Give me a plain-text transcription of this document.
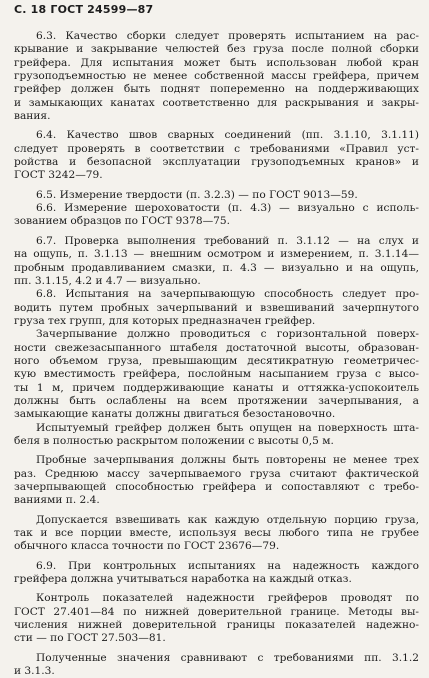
С. 18 ГОСТ 24599—87
6.3. Качество сборки следует проверять испытанием на рас-
крывание и закрывание челюстей без груза после полной сборки
грейфера. Для испытания может быть использован любой кран
грузоподъемностью не менее собственной массы грейфера, причем
грейфер должен быть поднят попеременно на поддерживающих
и замыкающих канатах соответственно для раскрывания и закры-
вания.
6.4. Качество швов сварных соединений (пп. 3.1.10, 3.1.11)
следует проверять в соответствии с требованиями «Правил уст-
ройства и безопасной эксплуатации грузоподъемных кранов» и
ГОСТ 3242—79.
6.5. Измерение твердости (п. 3.2.3) — по ГОСТ 9013—59.
6.6. Измерение шероховатости (п. 4.3) — визуально с исполь-
зованием образцов по ГОСТ 9378—75.
6.7. Проверка выполнения требований п. 3.1.12 — на слух и
на ощупь, п. 3.1.13 — внешним осмотром и измерением, п. 3.1.14—
пробным продавливанием смазки, п. 4.3 — визуально и на ощупь,
пп. 3.1.15, 4.2 и 4.7 — визуально.
6.8. Испытания на зачерпывающую способность следует про-
водить путем пробных зачерпываний и взвешиваний зачерпнутого
груза тех групп, для которых предназначен грейфер.
Зачерпывание должно проводиться с горизонтальной поверх-
ности свежезасыпанного штабеля достаточной высоты, образован-
ного объемом груза, превышающим десятикратную геометричес-
кую вместимость грейфера, послойным насыпанием груза с высо-
ты 1 м, причем поддерживающие канаты и оттяжка-успокоитель
должны быть ослаблены на всем протяжении зачерпывания, а
замыкающие канаты должны двигаться безостановочно.
Испытуемый грейфер должен быть опущен на поверхность шта-
беля в полностью раскрытом положении с высоты 0,5 м.
Пробные зачерпывания должны быть повторены не менее трех
раз. Среднюю массу зачерпываемого груза считают фактической
зачерпывающей способностью грейфера и сопоставляют с требо-
ваниями п. 2.4.
Допускается взвешивать как каждую отдельную порцию груза,
так и все порции вместе, используя весы любого типа не грубее
обычного класса точности по ГОСТ 23676—79.
6.9. При контрольных испытаниях на надежность каждого
грейфера должна учитываться наработка на каждый отказ.
Контроль показателей надежности грейферов проводят по
ГОСТ 27.401—84 по нижней доверительной границе. Методы вы-
числения нижней доверительной границы показателей надежно-
сти — по ГОСТ 27.503—81.
Полученные значения сравнивают с требованиями пп. 3.1.2
и 3.1.3.
